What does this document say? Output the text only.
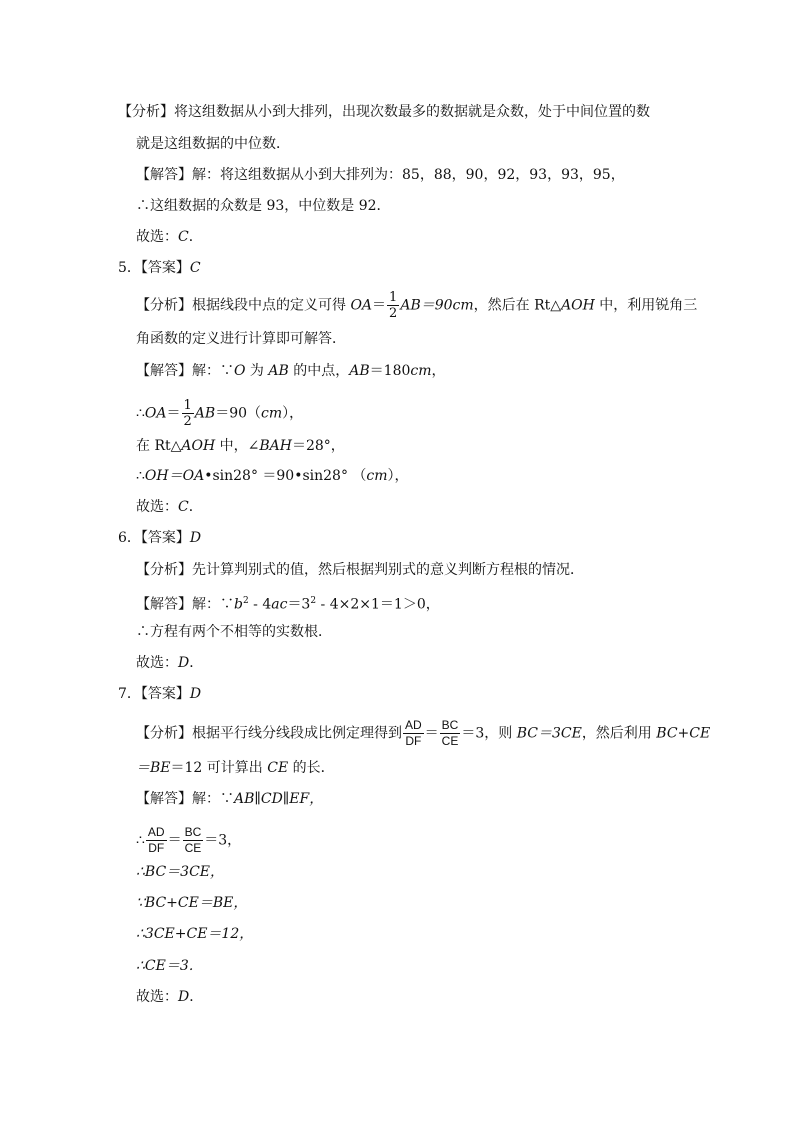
【分析】将这组数据从小到大排列，出现次数最多的数据就是众数，处于中间位置的数
就是这组数据的中位数．
【解答】解：将这组数据从小到大排列为：85，88，90，92，93，93，95，
∴这组数据的众数是 93，中位数是 92．
故选：C．
5．【答案】C
【分析】根据线段中点的定义可得 $OA= \frac{1}{2} AB=90cm$，然后在 Rt△AOH 中，利用锐角三
角函数的定义进行计算即可解答．
【解答】解：∵O 为 AB 的中点，AB＝180cm，
∴OA＝ $\frac{1}{2} AB=90(cm)$，
在 Rt△AOH 中，∠BAH＝28°，
∴OH＝OA•sin28° ＝90•sin28° （cm），
故选：C．
6．【答案】D
【分析】先计算判别式的值，然后根据判别式的意义判断方程根的情况．
【解答】解：$\because b^2 - 4ac=3^2 - 4\times 2\times 1=1>0$，
∴方程有两个不相等的实数根．
故选：D．
7．【答案】D
【分析】根据平行线分线段成比例定理得到 $\frac{AD}{DF} = \frac{BC}{CE} =3$，则 BC＝3CE，然后利用 BC+CE
＝BE＝12 可计算出 CE 的长．
【解答】解：∵AB∥CD∥EF，
∴ $\frac{AD}{DF} = \frac{BC}{CE} =3$，
∴BC＝3CE，
∵BC+CE＝BE，
∴3CE+CE＝12，
∴CE＝3．
故选：D．
